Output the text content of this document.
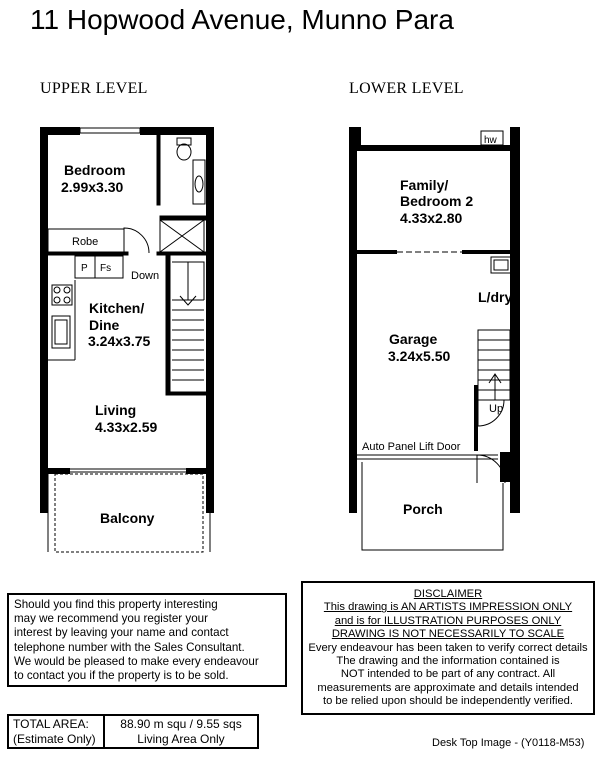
11 Hopwood Avenue, Munno Para
UPPER LEVEL	LOWER LEVEL
Bedroom
2.99x3.30
Robe
P Fs
Down
Kitchen/
Dine
3.24x3.75
Living
4.33x2.59
Balcony
hw
Family/
Bedroom 2
4.33x2.80
L/dry
Garage
3.24x5.50
Up
Auto Panel Lift Door
Porch
Should you find this property interesting
may we recommend you register your
interest by leaving your name and contact
telephone number with the Sales Consultant.
We would be pleased to make every endeavour
to contact you if the property is to be sold.
DISCLAIMER
This drawing is AN ARTISTS IMPRESSION ONLY
and is for ILLUSTRATION PURPOSES ONLY
DRAWING IS NOT NECESSARILY TO SCALE
Every endeavour has been taken to verify correct details
The drawing and the information contained is
NOT intended to be part of any contract. All
measurements are approximate and details intended
to be relied upon should be independently verified.
TOTAL AREA:
(Estimate Only)
88.90 m squ / 9.55 sqs
Living Area Only	Desk Top Image - (Y0118-M53)
